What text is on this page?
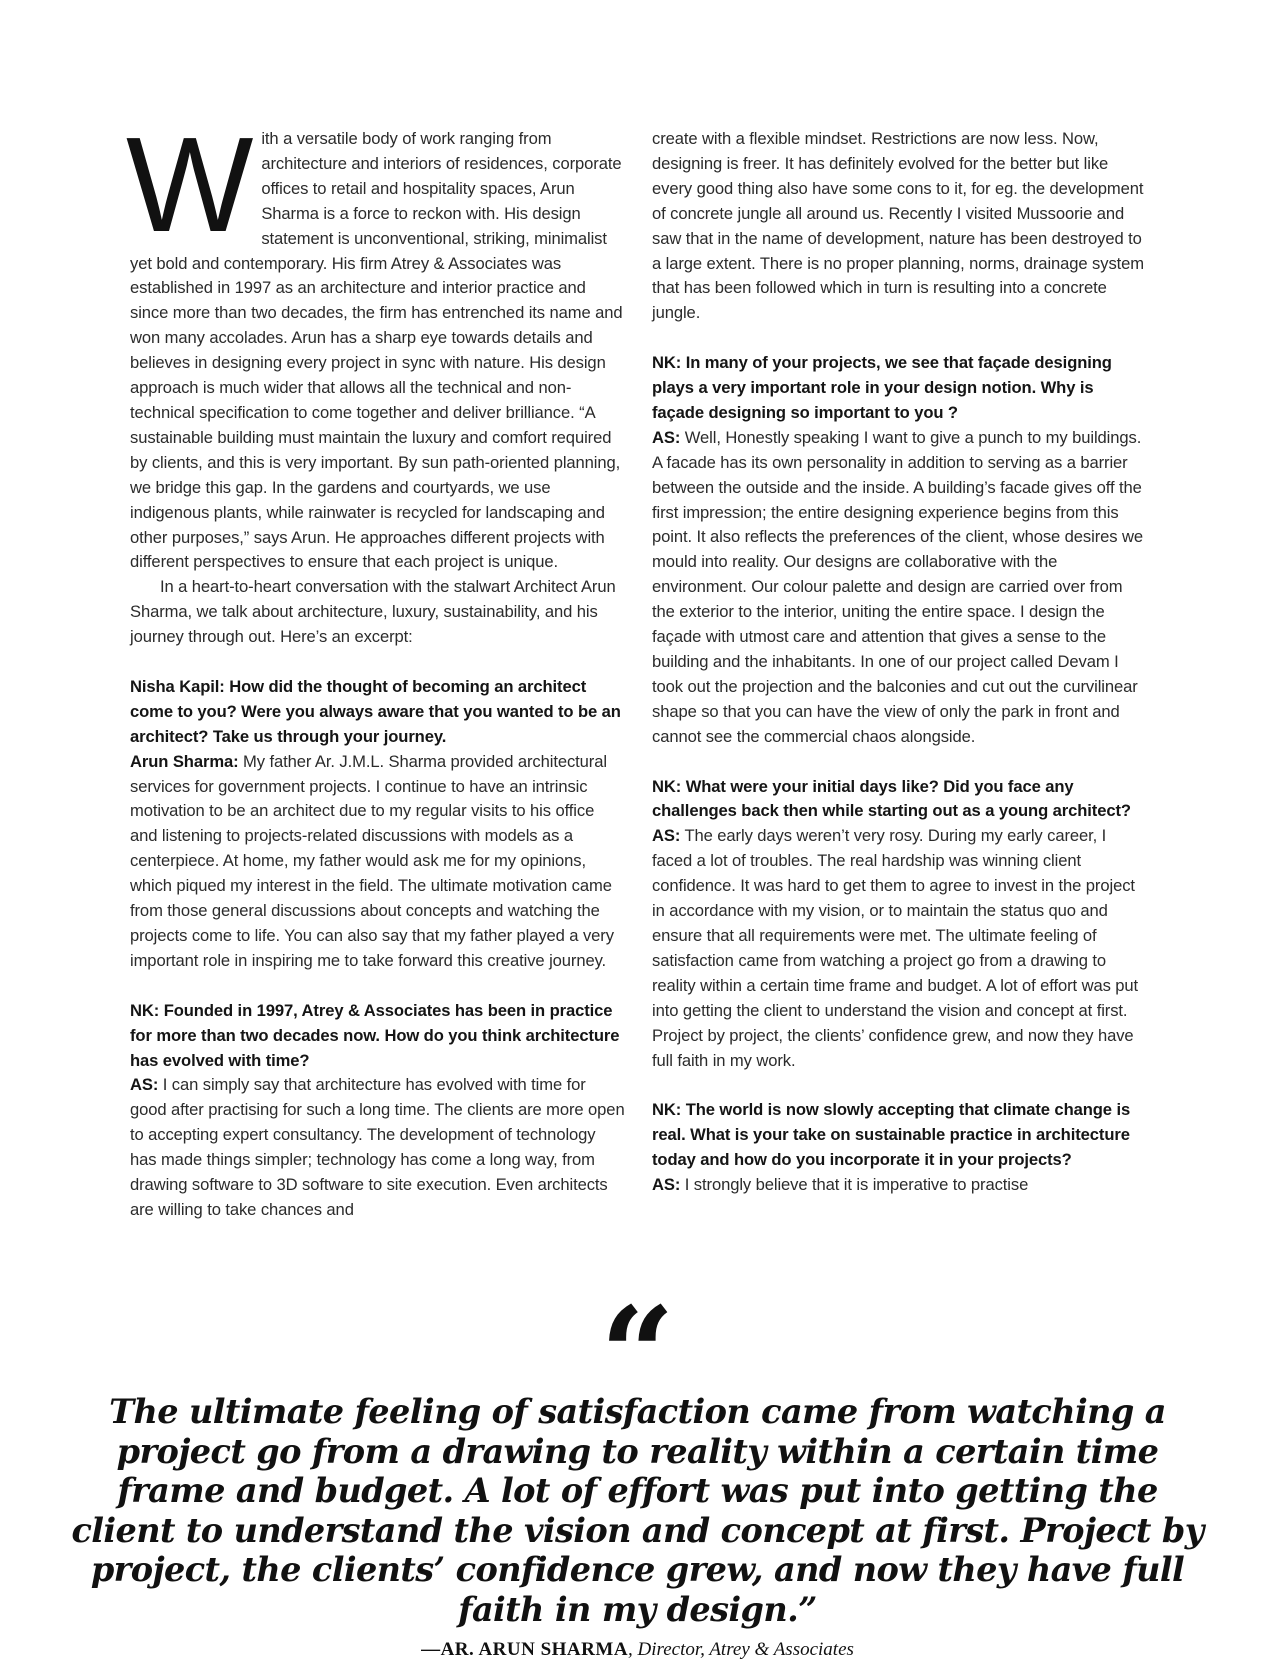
With a versatile body of work ranging from architecture and interiors of residences, corporate offices to retail and hospitality spaces, Arun Sharma is a force to reckon with. His design statement is unconventional, striking, minimalist yet bold and contemporary. His firm Atrey & Associates was established in 1997 as an architecture and interior practice and since more than two decades, the firm has entrenched its name and won many accolades. Arun has a sharp eye towards details and believes in designing every project in sync with nature. His design approach is much wider that allows all the technical and non-technical specification to come together and deliver brilliance. “A sustainable building must maintain the luxury and comfort required by clients, and this is very important. By sun path-oriented planning, we bridge this gap. In the gardens and courtyards, we use indigenous plants, while rainwater is recycled for landscaping and other purposes,” says Arun. He approaches different projects with different perspectives to ensure that each project is unique.

In a heart-to-heart conversation with the stalwart Architect Arun Sharma, we talk about architecture, luxury, sustainability, and his journey through out. Here’s an excerpt:

Nisha Kapil: How did the thought of becoming an architect come to you? Were you always aware that you wanted to be an architect? Take us through your journey.
Arun Sharma: My father Ar. J.M.L. Sharma provided architectural services for government projects. I continue to have an intrinsic motivation to be an architect due to my regular visits to his office and listening to projects-related discussions with models as a centerpiece. At home, my father would ask me for my opinions, which piqued my interest in the field. The ultimate motivation came from those general discussions about concepts and watching the projects come to life. You can also say that my father played a very important role in inspiring me to take forward this creative journey.

NK: Founded in 1997, Atrey & Associates has been in practice for more than two decades now. How do you think architecture has evolved with time?
AS: I can simply say that architecture has evolved with time for good after practising for such a long time. The clients are more open to accepting expert consultancy. The development of technology has made things simpler; technology has come a long way, from drawing software to 3D software to site execution. Even architects are willing to take chances and

create with a flexible mindset. Restrictions are now less. Now, designing is freer. It has definitely evolved for the better but like every good thing also have some cons to it, for eg. the development of concrete jungle all around us. Recently I visited Mussoorie and saw that in the name of development, nature has been destroyed to a large extent. There is no proper planning, norms, drainage system that has been followed which in turn is resulting into a concrete jungle.

NK: In many of your projects, we see that façade designing plays a very important role in your design notion. Why is façade designing so important to you ?
AS: Well, Honestly speaking I want to give a punch to my buildings. A facade has its own personality in addition to serving as a barrier between the outside and the inside. A building’s facade gives off the first impression; the entire designing experience begins from this point. It also reflects the preferences of the client, whose desires we mould into reality. Our designs are collaborative with the environment. Our colour palette and design are carried over from the exterior to the interior, uniting the entire space. I design the façade with utmost care and attention that gives a sense to the building and the inhabitants. In one of our project called Devam I took out the projection and the balconies and cut out the curvilinear shape so that you can have the view of only the park in front and cannot see the commercial chaos alongside.

NK: What were your initial days like? Did you face any challenges back then while starting out as a young architect?
AS: The early days weren’t very rosy. During my early career, I faced a lot of troubles. The real hardship was winning client confidence. It was hard to get them to agree to invest in the project in accordance with my vision, or to maintain the status quo and ensure that all requirements were met. The ultimate feeling of satisfaction came from watching a project go from a drawing to reality within a certain time frame and budget. A lot of effort was put into getting the client to understand the vision and concept at first. Project by project, the clients’ confidence grew, and now they have full faith in my work.

NK: The world is now slowly accepting that climate change is real. What is your take on sustainable practice in architecture today and how do you incorporate it in your projects?
AS: I strongly believe that it is imperative to practise

“
The ultimate feeling of satisfaction came from watching a project go from a drawing to reality within a certain time frame and budget. A lot of effort was put into getting the client to understand the vision and concept at first. Project by project, the clients’ confidence grew, and now they have full faith in my design.”
—AR. ARUN SHARMA, Director, Atrey & Associates
